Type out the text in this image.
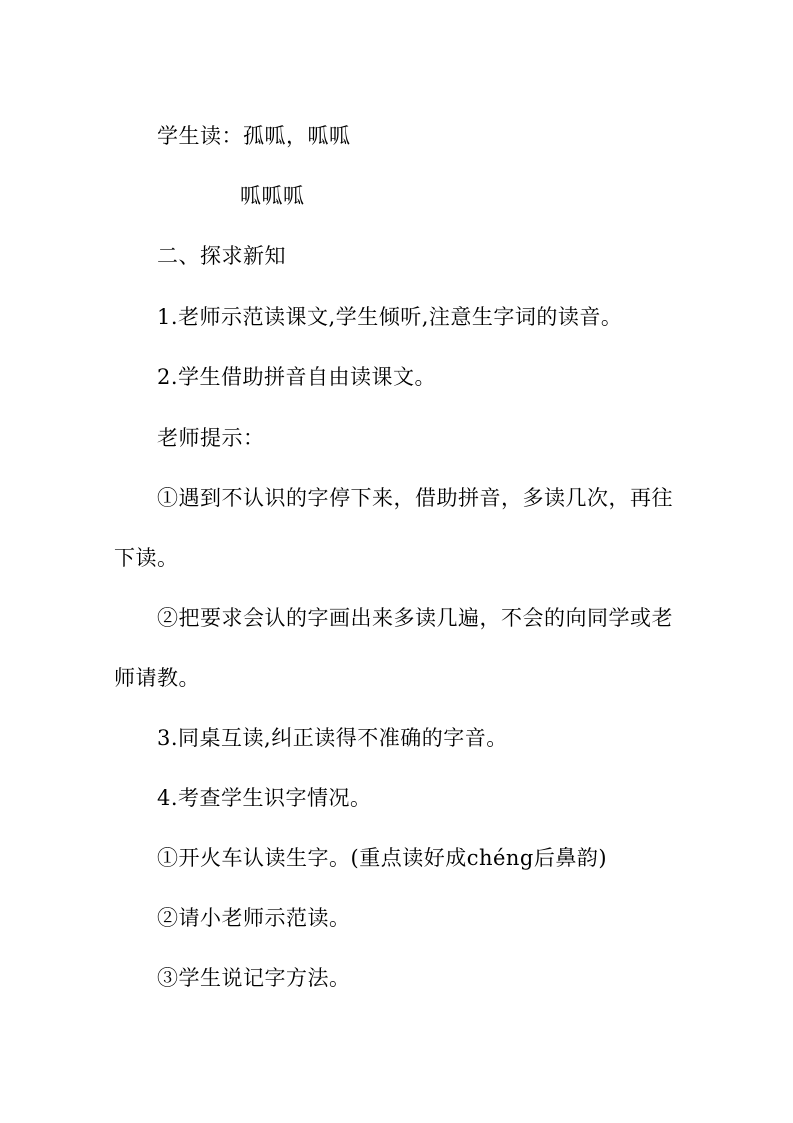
学生读：孤呱，呱呱
呱呱呱
二、探求新知
1.老师示范读课文,学生倾听,注意生字词的读音。
2.学生借助拼音自由读课文。
老师提示：
①遇到不认识的字停下来，借助拼音，多读几次，再往
下读。
②把要求会认的字画出来多读几遍，不会的向同学或老
师请教。
3.同桌互读,纠正读得不准确的字音。
4.考查学生识字情况。
①开火车认读生字。(重点读好成chéng后鼻韵)
②请小老师示范读。
③学生说记字方法。
